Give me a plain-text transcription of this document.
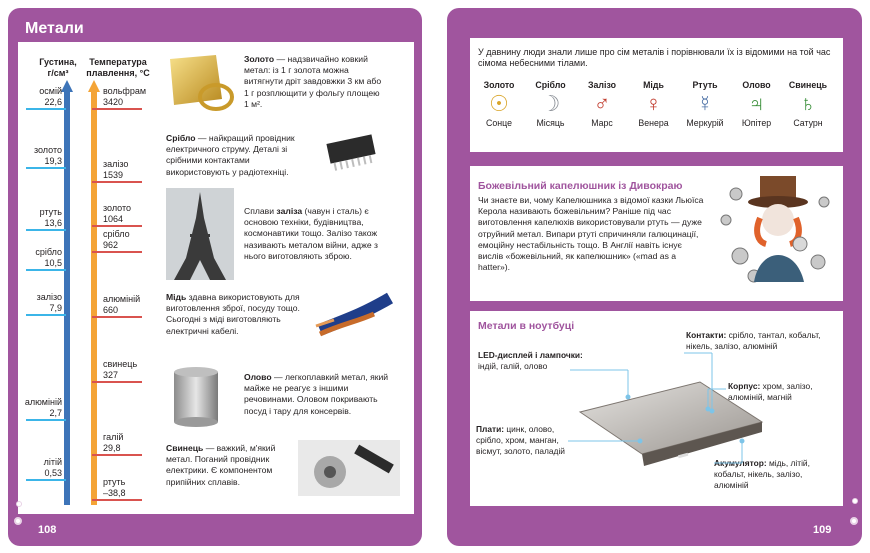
Метали
108
Густина,
г/см³
Температура
плавлення, °С
осмій
22,6
золото
19,3
ртуть
13,6
срібло
10,5
залізо
7,9
алюміній
2,7
літій
0,53
вольфрам
3420
залізо
1539
золото
1064
срібло
962
алюміній
660
свинець
327
галій
29,8
ртуть
–38,8
Золото — надзвичайно ковкий метал: із 1 г золота можна витягнути дріт завдовжки 3 км або 1 г розплющити у фольгу площею 1 м².
Срібло — найкращий провідник електричного струму. Деталі зі срібними контактами використовують у радіотехніці.
Сплави заліза (чавун і сталь) є основою техніки, будівництва, космонавтики тощо. Залізо також називають металом війни, адже з нього виготовляють зброю.
Мідь здавна використовують для виготовлення зброї, посуду тощо. Сьогодні з міді виготовляють електричні кабелі.
Олово — легкоплавкий метал, який майже не реагує з іншими речовинами. Оловом покривають посуд і тару для консервів.
Свинець — важкий, м'який метал. Поганий провідник електрики. Є компонентом припійних сплавів.
109
У давнину люди знали лише про сім металів і порівнювали їх із відомими на той час сімома небесними тілами.
Золото
☉
Сонце
Срібло
☽
Місяць
Залізо
♂
Марс
Мідь
♀
Венера
Ртуть
☿
Меркурій
Олово
♃
Юпітер
Свинець
♄
Сатурн
Божевільний капелюшник із Дивокраю
Чи знаєте ви, чому Капелюшника з відомої казки Льюїса Керола називають божевільним? Раніше під час виготовлення капелюхів використовували ртуть — дуже отруйний метал. Випари ртуті спричиняли галюцинації, емоційну нестабільність тощо. В Англії навіть існує вислів «божевільний, як капелюшник» («mad as a hatter»).
Метали в ноутбуці
LED-дисплей і лампочки:
індій, галій, олово
Контакти: срібло, тантал, кобальт, нікель, залізо, алюміній
Корпус: хром, залізо, алюміній, магній
Плати: цинк, олово, срібло, хром, манган, вісмут, золото, паладій
Акумулятор: мідь, літій, кобальт, нікель, залізо, алюміній
